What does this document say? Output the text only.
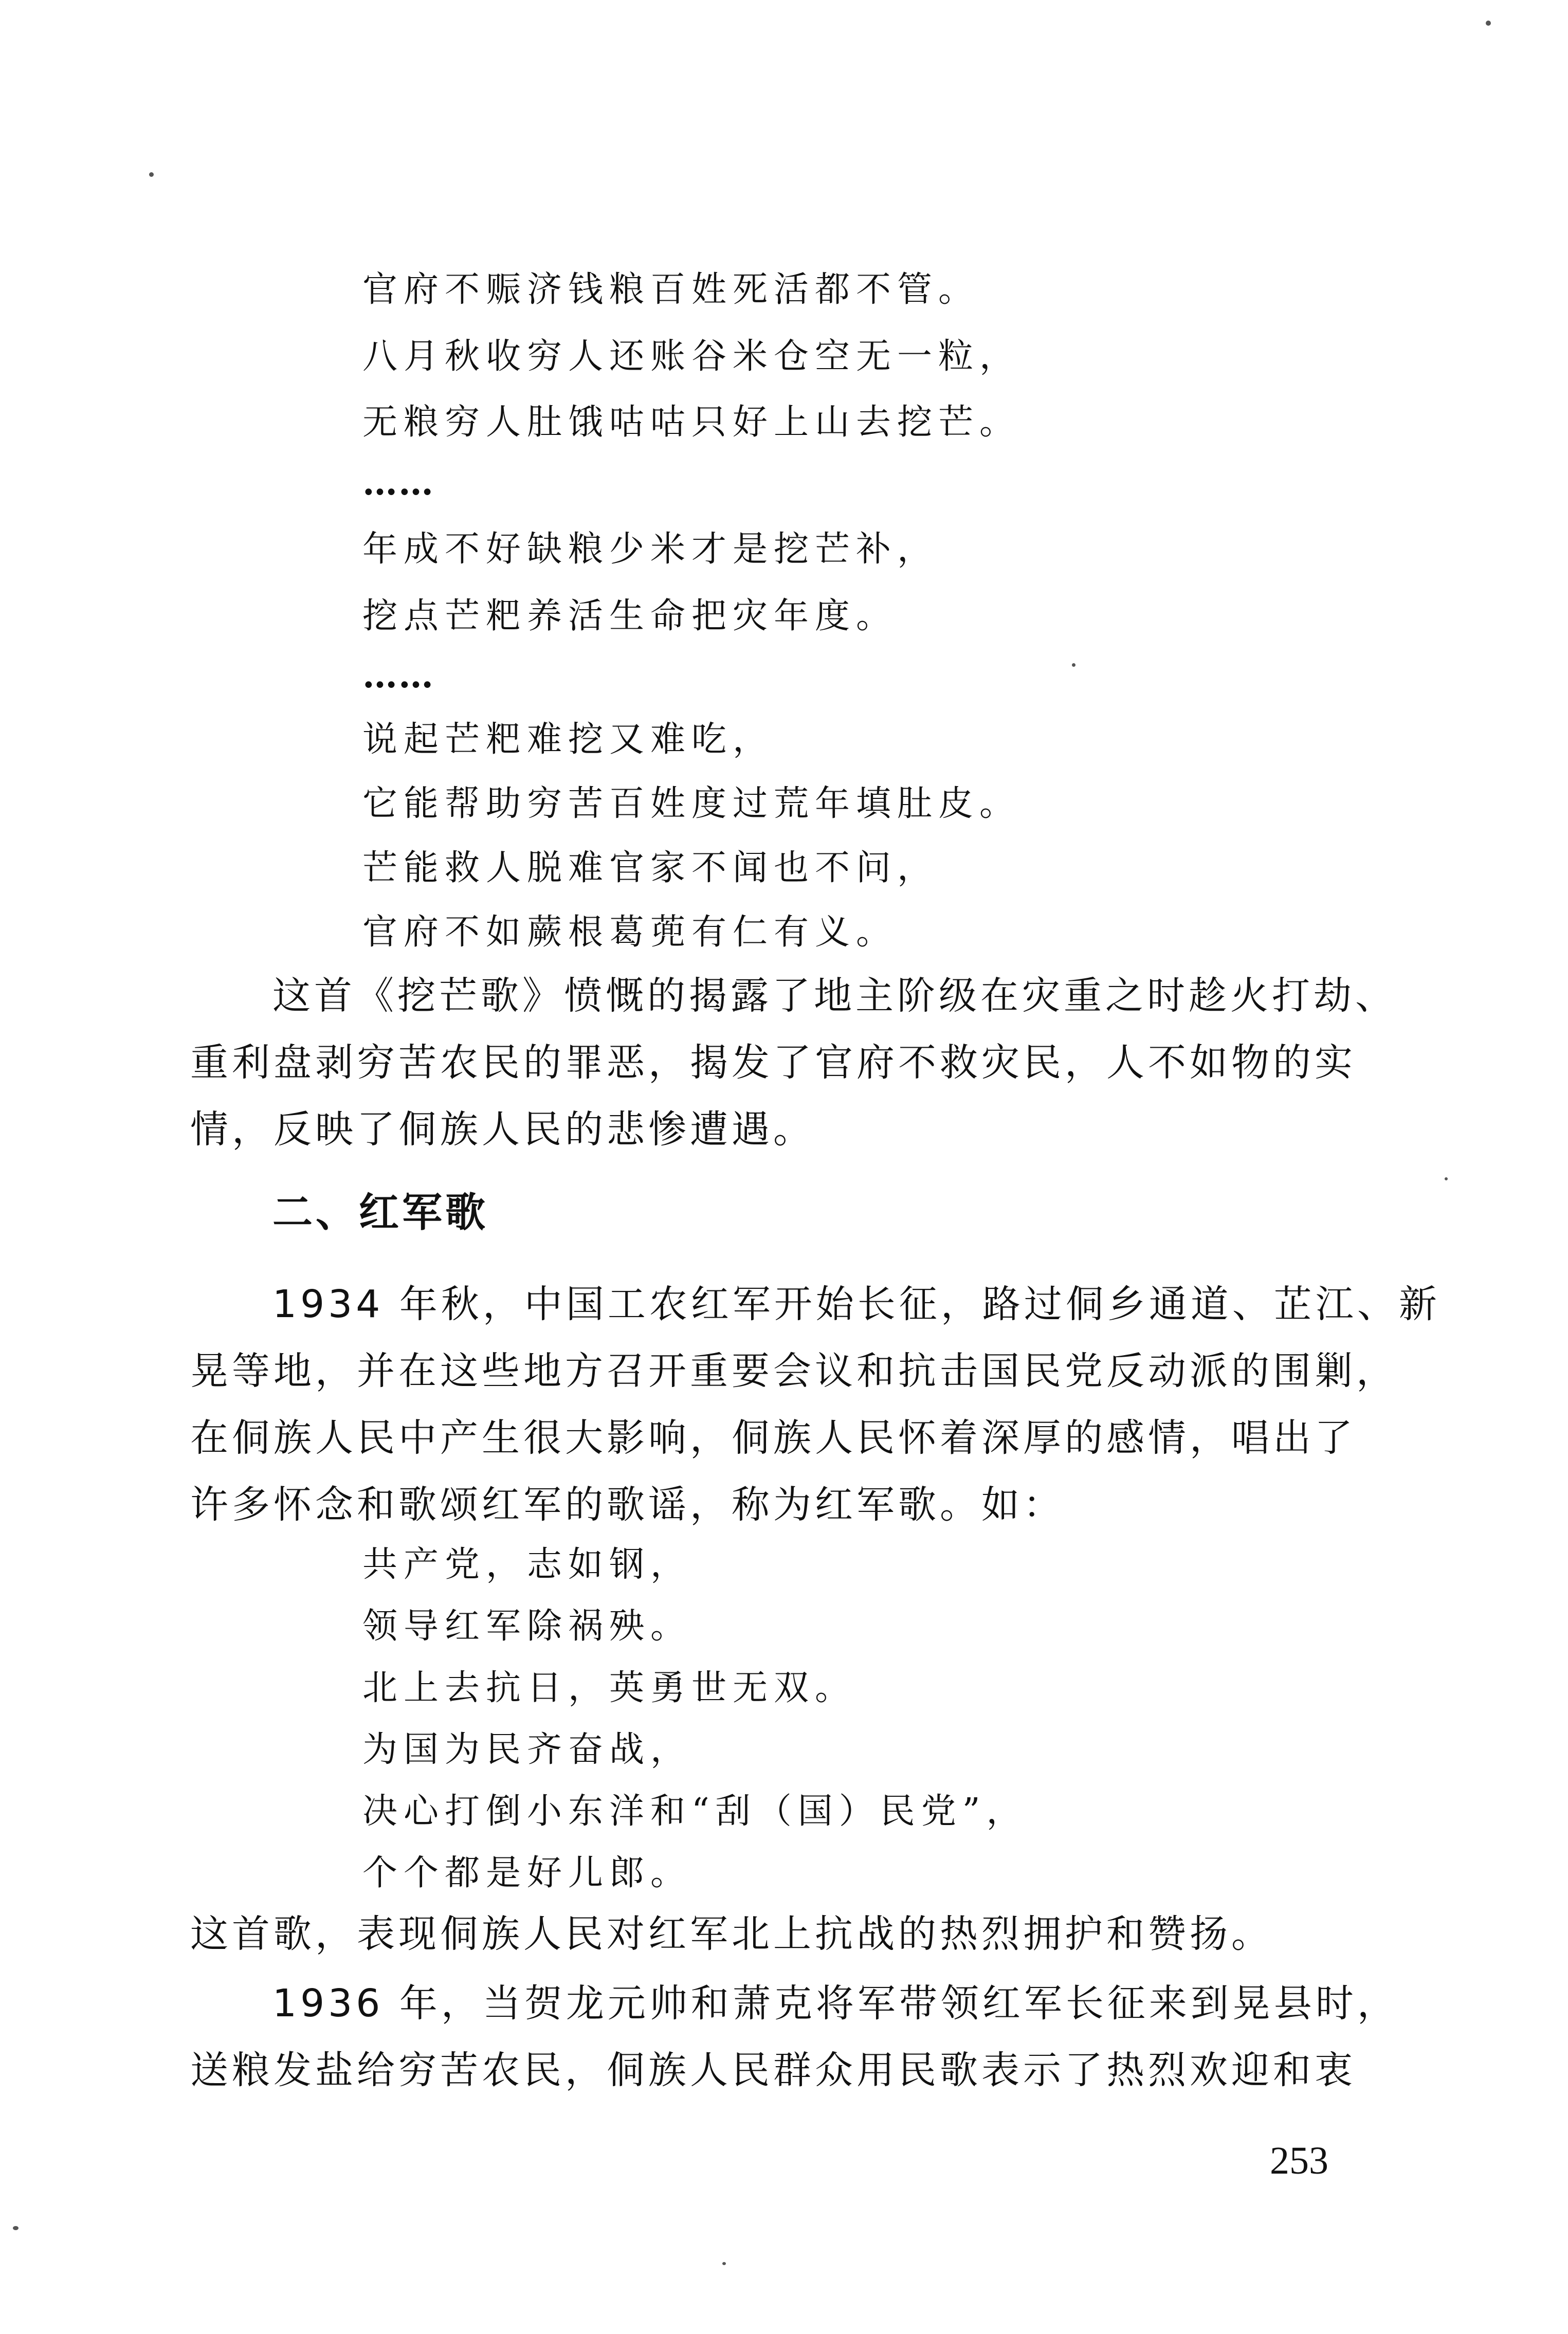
官府不赈济钱粮百姓死活都不管。
八月秋收穷人还账谷米仓空无一粒，
无粮穷人肚饿咕咕只好上山去挖芒。
……
年成不好缺粮少米才是挖芒补，
挖点芒粑养活生命把灾年度。
……
说起芒粑难挖又难吃，
它能帮助穷苦百姓度过荒年填肚皮。
芒能救人脱难官家不闻也不问，
官府不如蕨根葛蔸有仁有义。
这首《挖芒歌》愤慨的揭露了地主阶级在灾重之时趁火打劫、
重利盘剥穷苦农民的罪恶，揭发了官府不救灾民，人不如物的实
情，反映了侗族人民的悲惨遭遇。
二、红军歌
1934 年秋，中国工农红军开始长征，路过侗乡通道、芷江、新
晃等地，并在这些地方召开重要会议和抗击国民党反动派的围剿，
在侗族人民中产生很大影响，侗族人民怀着深厚的感情，唱出了
许多怀念和歌颂红军的歌谣，称为红军歌。如：
共产党，志如钢，
领导红军除祸殃。
北上去抗日，英勇世无双。
为国为民齐奋战，
决心打倒小东洋和“刮（国）民党”，
个个都是好儿郎。
这首歌，表现侗族人民对红军北上抗战的热烈拥护和赞扬。
1936 年，当贺龙元帅和萧克将军带领红军长征来到晃县时，
送粮发盐给穷苦农民，侗族人民群众用民歌表示了热烈欢迎和衷
253
